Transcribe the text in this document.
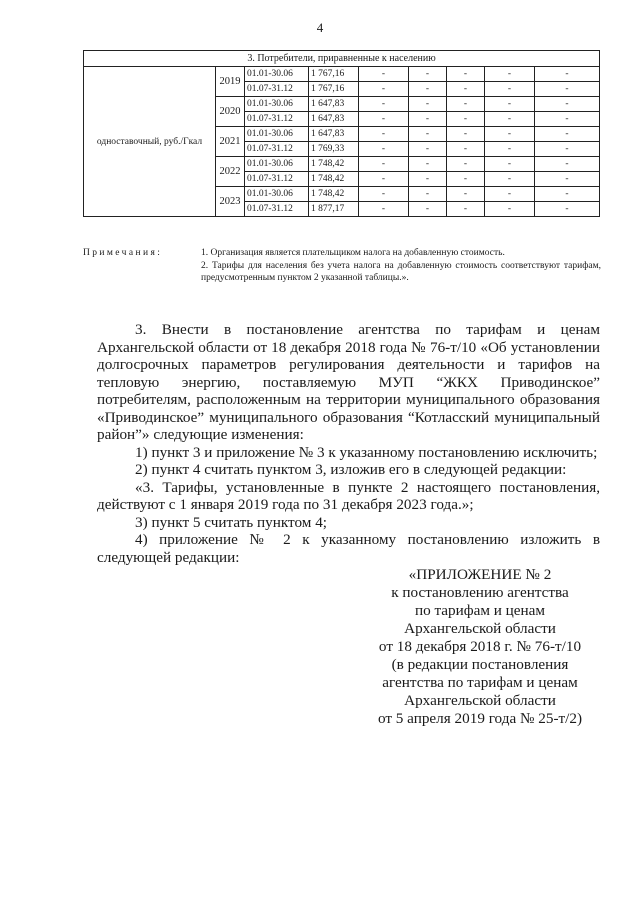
4
3. Потребители, приравненные к населению								
одноставочный, руб./Гкал	2019	01.01-30.06	1 767,16	-	-	-	-	-
		01.07-31.12	1 767,16	-	-	-	-	-
	2020	01.01-30.06	1 647,83	-	-	-	-	-
		01.07-31.12	1 647,83	-	-	-	-	-
	2021	01.01-30.06	1 647,83	-	-	-	-	-
		01.07-31.12	1 769,33	-	-	-	-	-
	2022	01.01-30.06	1 748,42	-	-	-	-	-
		01.07-31.12	1 748,42	-	-	-	-	-
	2023	01.01-30.06	1 748,42	-	-	-	-	-
		01.07-31.12	1 877,17	-	-	-	-	-
Примечания:	1. Организация является плательщиком налога на добавленную стоимость.
2. Тарифы для населения без учета налога на добавленную стоимость соответствуют тарифам, предусмотренным пунктом 2 указанной таблицы.».

3. Внести в постановление агентства по тарифам и ценам Архангельской области от 18 декабря 2018 года № 76-т/10 «Об установлении долгосрочных параметров регулирования деятельности и тарифов на тепловую энергию, поставляемую МУП “ЖКХ Приводинское” потребителям, расположенным на территории муниципального образования «Приводинское” муниципального образования “Котласский муниципальный район”» следующие изменения:

1) пункт 3 и приложение № 3 к указанному постановлению исключить;

2) пункт 4 считать пунктом 3, изложив его в следующей редакции:

«3. Тарифы, установленные в пункте 2 настоящего постановления, действуют с 1 января 2019 года по 31 декабря 2023 года.»;

3) пункт 5 считать пунктом 4;

4) приложение № 2 к указанному постановлению изложить в следующей редакции:

«ПРИЛОЖЕНИЕ № 2
к постановлению агентства
по тарифам и ценам
Архангельской области
от 18 декабря 2018 г. № 76-т/10
(в редакции постановления
агентства по тарифам и ценам
Архангельской области
от 5 апреля 2019 года № 25-т/2)
